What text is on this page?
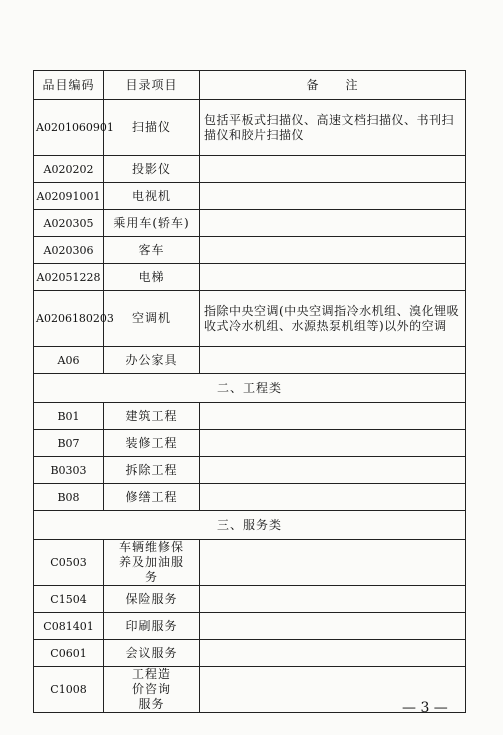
品目编码	目录项目	备　　注
A0201060901	扫描仪	包括平板式扫描仪、高速文档扫描仪、书刊扫描仪和胶片扫描仪
A020202	投影仪	
A02091001	电视机	
A020305	乘用车(轿车)	
A020306	客车	
A02051228	电梯	
A0206180203	空调机	指除中央空调(中央空调指冷水机组、溴化锂吸收式冷水机组、水源热泵机组等)以外的空调
A06	办公家具	
二、工程类		
B01	建筑工程	
B07	装修工程	
B0303	拆除工程	
B08	修缮工程	
三、服务类		
C0503	车辆维修保养及加油服务	
C1504	保险服务	
C081401	印刷服务	
C0601	会议服务	
C1008	工程造价咨询服务		— 3 —
